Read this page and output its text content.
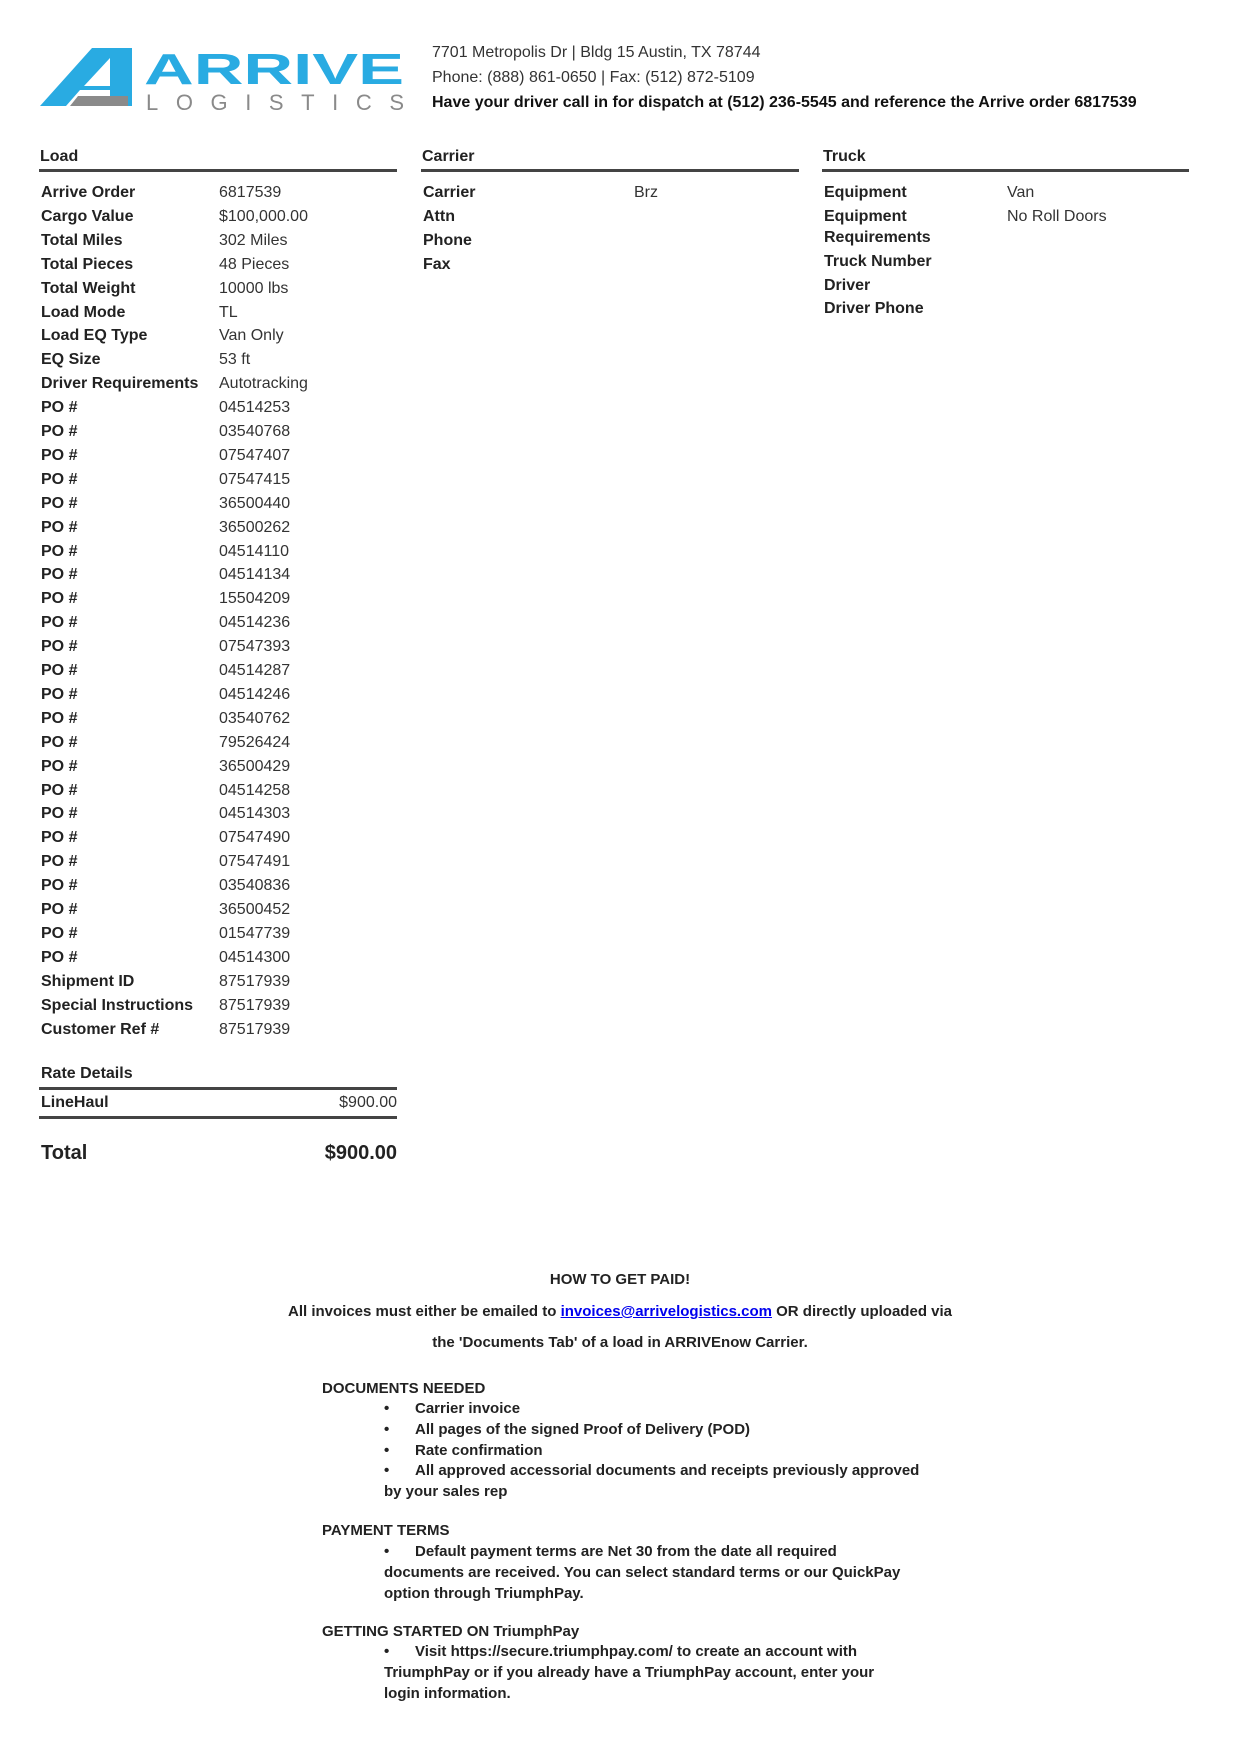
ARRIVE
LOGISTICS
7701 Metropolis Dr | Bldg 15 Austin, TX 78744
Phone: (888) 861-0650 | Fax: (512) 872-5109
Have your driver call in for dispatch at (512) 236-5545 and reference the Arrive order 6817539
Load	Carrier	Truck
Arrive Order	6817539
Cargo Value	$100,000.00
Total Miles	302 Miles
Total Pieces	48 Pieces
Total Weight	10000 lbs
Load Mode	TL
Load EQ Type	Van Only
EQ Size	53 ft
Driver Requirements Autotracking
PO #	04514253
PO #	03540768
PO #	07547407
PO #	07547415
PO #	36500440
PO #	36500262
PO #	04514110
PO #	04514134
PO #	15504209
PO #	04514236
PO #	07547393
PO #	04514287
PO #	04514246
PO #	03540762
PO #	79526424
PO #	36500429
PO #	04514258
PO #	04514303
PO #	07547490
PO #	07547491
PO #	03540836
PO #	36500452
PO #	01547739
PO #	04514300
Shipment ID	87517939
Special Instructions 87517939
Customer Ref #	87517939
Carrier	Brz
Attn
Phone
Fax
Equipment	Van
Equipment	No Roll Doors
Requirements
Truck Number
Driver
Driver Phone
Rate Details
LineHaul	$900.00
Total	$900.00
HOW TO GET PAID!
All invoices must either be emailed to invoices@arrivelogistics.com OR directly uploaded via
the 'Documents Tab' of a load in ARRIVEnow Carrier.
DOCUMENTS NEEDED
• Carrier invoice
• All pages of the signed Proof of Delivery (POD)
• Rate confirmation
• All approved accessorial documents and receipts previously approved
by your sales rep
PAYMENT TERMS
• Default payment terms are Net 30 from the date all required
documents are received. You can select standard terms or our QuickPay
option through TriumphPay.
GETTING STARTED ON TriumphPay
• Visit https://secure.triumphpay.com/ to create an account with
TriumphPay or if you already have a TriumphPay account, enter your
login information.
